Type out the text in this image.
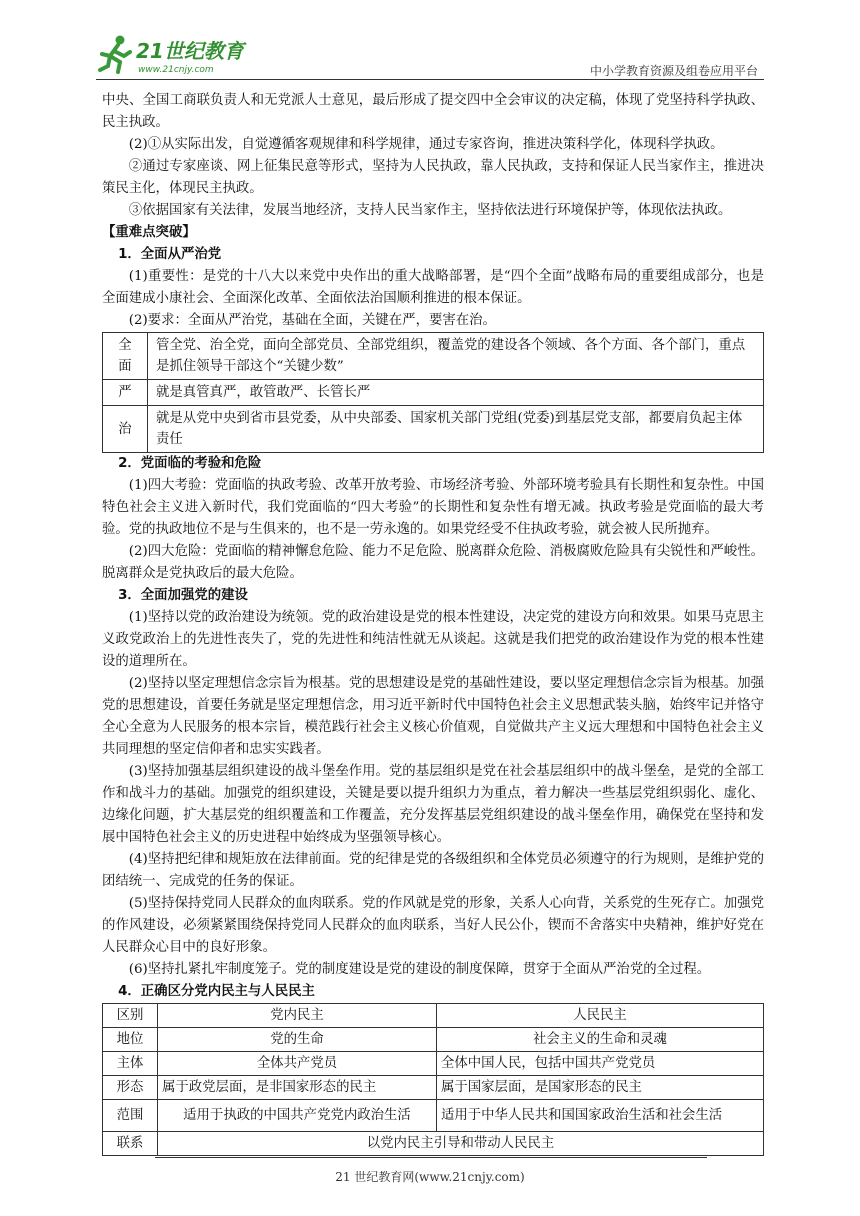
21世纪教育
www.21cnjy.com	中小学教育资源及组卷应用平台

中央、全国工商联负责人和无党派人士意见，最后形成了提交四中全会审议的决定稿，体现了党坚持科学执政、民主执政。

(2)①从实际出发，自觉遵循客观规律和科学规律，通过专家咨询，推进决策科学化，体现科学执政。

②通过专家座谈、网上征集民意等形式，坚持为人民执政，靠人民执政，支持和保证人民当家作主，推进决策民主化，体现民主执政。

③依据国家有关法律，发展当地经济，支持人民当家作主，坚持依法进行环境保护等，体现依法执政。

【重难点突破】

1．全面从严治党

(1)重要性：是党的十八大以来党中央作出的重大战略部署，是“四个全面”战略布局的重要组成部分，也是全面建成小康社会、全面深化改革、全面依法治国顺利推进的根本保证。

(2)要求：全面从严治党，基础在全面，关键在严，要害在治。

全
面	管全党、治全党，面向全部党员、全部党组织，覆盖党的建设各个领域、各个方面、各个部门，重点是抓住领导干部这个“关键少数”
严	就是真管真严，敢管敢严、长管长严
治	就是从党中央到省市县党委，从中央部委、国家机关部门党组(党委)到基层党支部，都要肩负起主体责任

2．党面临的考验和危险

(1)四大考验：党面临的执政考验、改革开放考验、市场经济考验、外部环境考验具有长期性和复杂性。中国特色社会主义进入新时代，我们党面临的“四大考验”的长期性和复杂性有增无减。执政考验是党面临的最大考验。党的执政地位不是与生俱来的，也不是一劳永逸的。如果党经受不住执政考验，就会被人民所抛弃。

(2)四大危险：党面临的精神懈怠危险、能力不足危险、脱离群众危险、消极腐败危险具有尖锐性和严峻性。脱离群众是党执政后的最大危险。

3．全面加强党的建设

(1)坚持以党的政治建设为统领。党的政治建设是党的根本性建设，决定党的建设方向和效果。如果马克思主义政党政治上的先进性丧失了，党的先进性和纯洁性就无从谈起。这就是我们把党的政治建设作为党的根本性建设的道理所在。

(2)坚持以坚定理想信念宗旨为根基。党的思想建设是党的基础性建设，要以坚定理想信念宗旨为根基。加强党的思想建设，首要任务就是坚定理想信念，用习近平新时代中国特色社会主义思想武装头脑，始终牢记并恪守全心全意为人民服务的根本宗旨，模范践行社会主义核心价值观，自觉做共产主义远大理想和中国特色社会主义共同理想的坚定信仰者和忠实实践者。

(3)坚持加强基层组织建设的战斗堡垒作用。党的基层组织是党在社会基层组织中的战斗堡垒，是党的全部工作和战斗力的基础。加强党的组织建设，关键是要以提升组织力为重点，着力解决一些基层党组织弱化、虚化、边缘化问题，扩大基层党的组织覆盖和工作覆盖，充分发挥基层党组织建设的战斗堡垒作用，确保党在坚持和发展中国特色社会主义的历史进程中始终成为坚强领导核心。

(4)坚持把纪律和规矩放在法律前面。党的纪律是党的各级组织和全体党员必须遵守的行为规则，是维护党的团结统一、完成党的任务的保证。

(5)坚持保持党同人民群众的血肉联系。党的作风就是党的形象，关系人心向背，关系党的生死存亡。加强党的作风建设，必须紧紧围绕保持党同人民群众的血肉联系，当好人民公仆，锲而不舍落实中央精神，维护好党在人民群众心目中的良好形象。

(6)坚持扎紧扎牢制度笼子。党的制度建设是党的建设的制度保障，贯穿于全面从严治党的全过程。

4．正确区分党内民主与人民民主

区别	党内民主	人民民主
地位	党的生命	社会主义的生命和灵魂
主体	全体共产党员	全体中国人民，包括中国共产党党员
形态	属于政党层面，是非国家形态的民主	属于国家层面，是国家形态的民主
范围	适用于执政的中国共产党党内政治生活	适用于中华人民共和国国家政治生活和社会生活
联系	以党内民主引导和带动人民民主	
21 世纪教育网(www.21cnjy.com)
